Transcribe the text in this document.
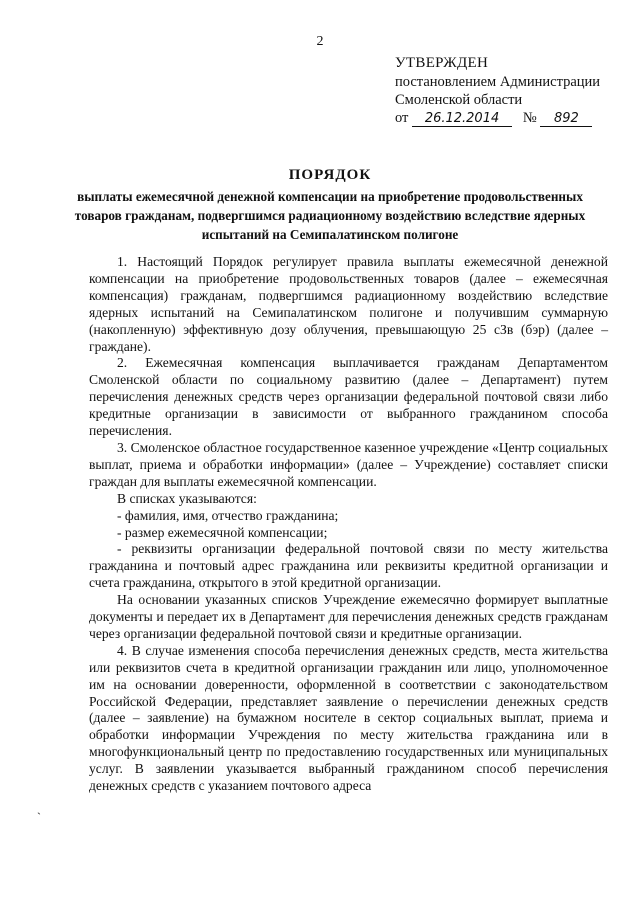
2
УТВЕРЖДЕН
постановлением Администрации
Смоленской области
от 26.12.2014 № 892
ПОРЯДОК
выплаты ежемесячной денежной компенсации на приобретение продовольственных товаров гражданам, подвергшимся радиационному воздействию вследствие ядерных испытаний на Семипалатинском полигоне

1. Настоящий Порядок регулирует правила выплаты ежемесячной денежной компенсации на приобретение продовольственных товаров (далее – ежемесячная компенсация) гражданам, подвергшимся радиационному воздействию вследствие ядерных испытаний на Семипалатинском полигоне и получившим суммарную (накопленную) эффективную дозу облучения, превышающую 25 сЗв (бэр) (далее – граждане).

2. Ежемесячная компенсация выплачивается гражданам Департаментом Смоленской области по социальному развитию (далее – Департамент) путем перечисления денежных средств через организации федеральной почтовой связи либо кредитные организации в зависимости от выбранного гражданином способа перечисления.

3. Смоленское областное государственное казенное учреждение «Центр социальных выплат, приема и обработки информации» (далее – Учреждение) составляет списки граждан для выплаты ежемесячной компенсации.

В списках указываются:

- фамилия, имя, отчество гражданина;

- размер ежемесячной компенсации;

- реквизиты организации федеральной почтовой связи по месту жительства гражданина и почтовый адрес гражданина или реквизиты кредитной организации и счета гражданина, открытого в этой кредитной организации.

На основании указанных списков Учреждение ежемесячно формирует выплатные документы и передает их в Департамент для перечисления денежных средств гражданам через организации федеральной почтовой связи и кредитные организации.

4. В случае изменения способа перечисления денежных средств, места жительства или реквизитов счета в кредитной организации гражданин или лицо, уполномоченное им на основании доверенности, оформленной в соответствии с законодательством Российской Федерации, представляет заявление о перечислении денежных средств (далее – заявление) на бумажном носителе в сектор социальных выплат, приема и обработки информации Учреждения по месту жительства гражданина или в многофункциональный центр по предоставлению государственных или муниципальных услуг. В заявлении указывается выбранный гражданином способ перечисления денежных средств с указанием почтового адреса

`
